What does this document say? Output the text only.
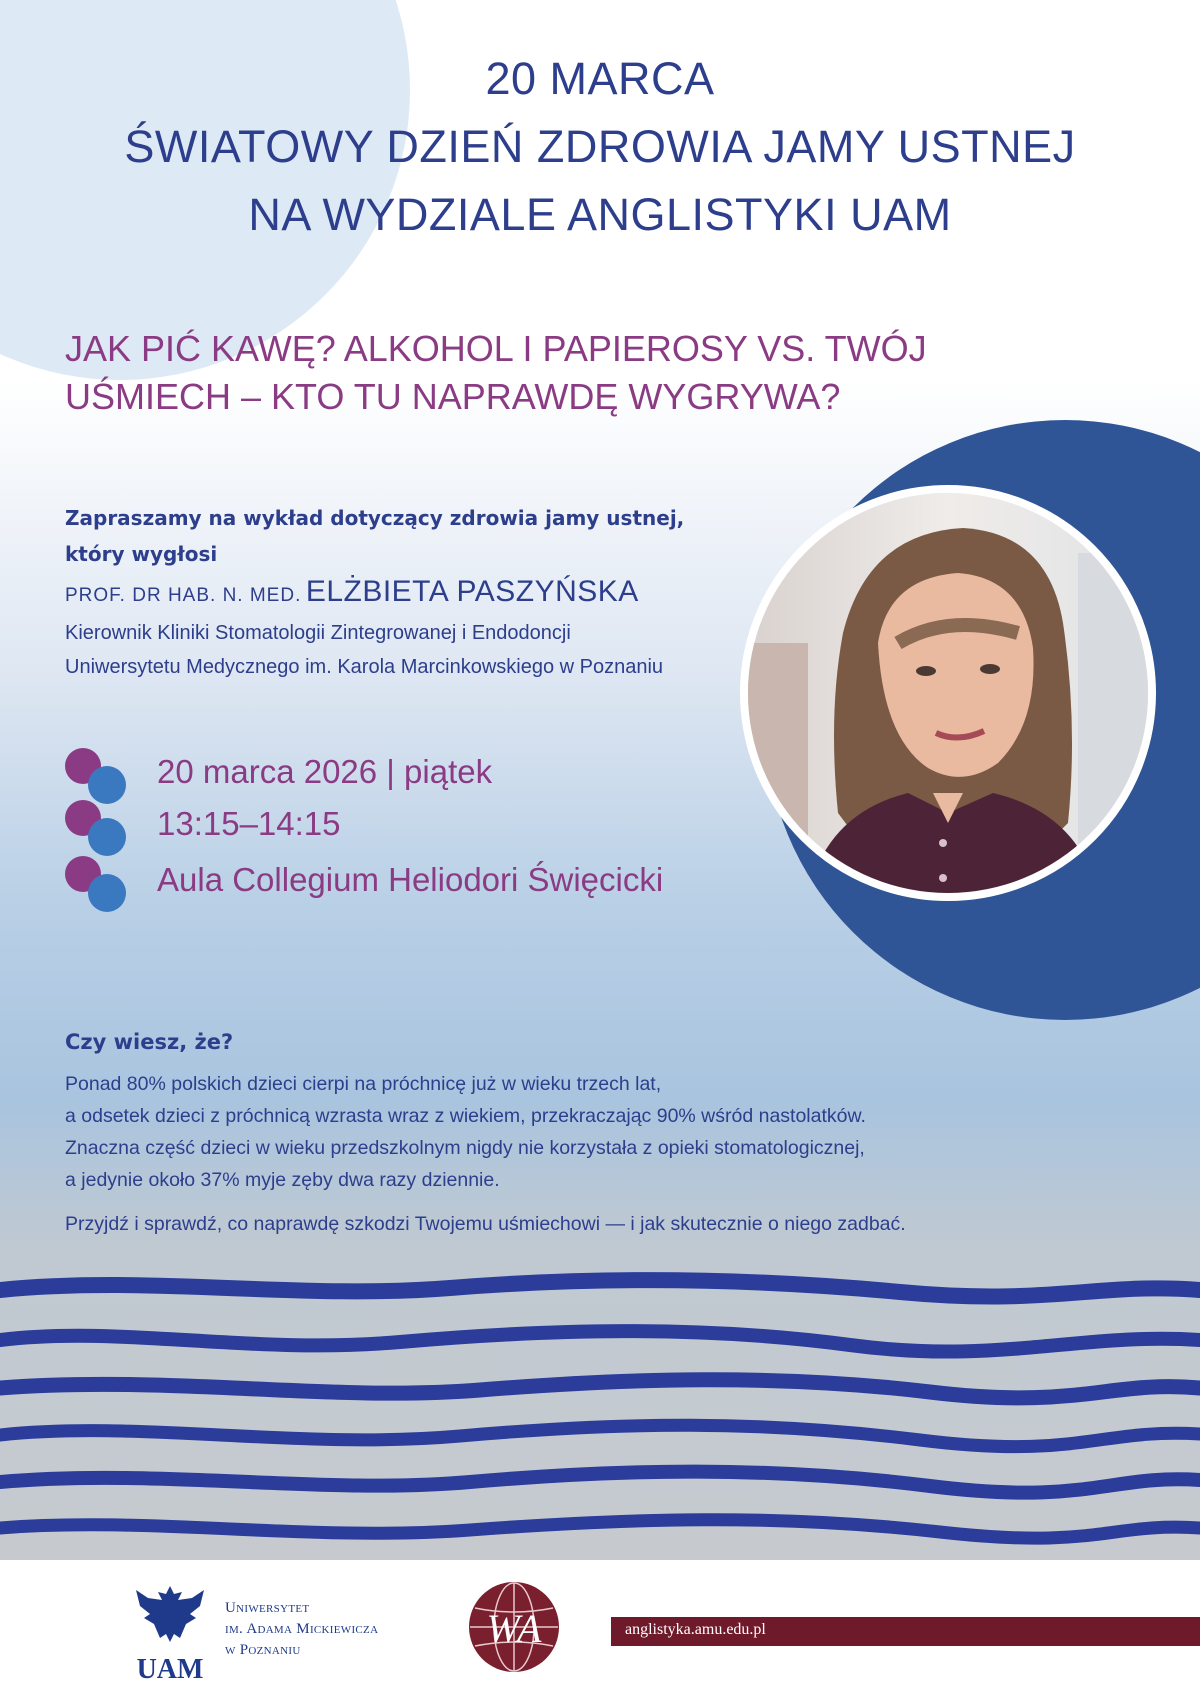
20 MARCA
ŚWIATOWY DZIEŃ ZDROWIA JAMY USTNEJ
NA WYDZIALE ANGLISTYKI UAM
JAK PIĆ KAWĘ? ALKOHOL I PAPIEROSY VS. TWÓJ
UŚMIECH – KTO TU NAPRAWDĘ WYGRYWA?
Zapraszamy na wykład dotyczący zdrowia jamy ustnej,
który wygłosi
PROF. DR HAB. N. MED. ELŻBIETA PASZYŃSKA
Kierownik Kliniki Stomatologii Zintegrowanej i Endodoncji
Uniwersytetu Medycznego im. Karola Marcinkowskiego w Poznaniu
20 marca 2026 | piątek
13:15–14:15
Aula Collegium Heliodori Święcicki
Czy wiesz, że?

Ponad 80% polskich dzieci cierpi na próchnicę już w wieku trzech lat,

a odsetek dzieci z próchnicą wzrasta wraz z wiekiem, przekraczając 90% wśród nastolatków.

Znaczna część dzieci w wieku przedszkolnym nigdy nie korzystała z opieki stomatologicznej,

a jedynie około 37% myje zęby dwa razy dziennie.

Przyjdź i sprawdź, co naprawdę szkodzi Twojemu uśmiechowi — i jak skutecznie o niego zadbać.

UAM
Uniwersytet
im. Adama Mickiewicza
w Poznaniu	WA	anglistyka.amu.edu.pl
